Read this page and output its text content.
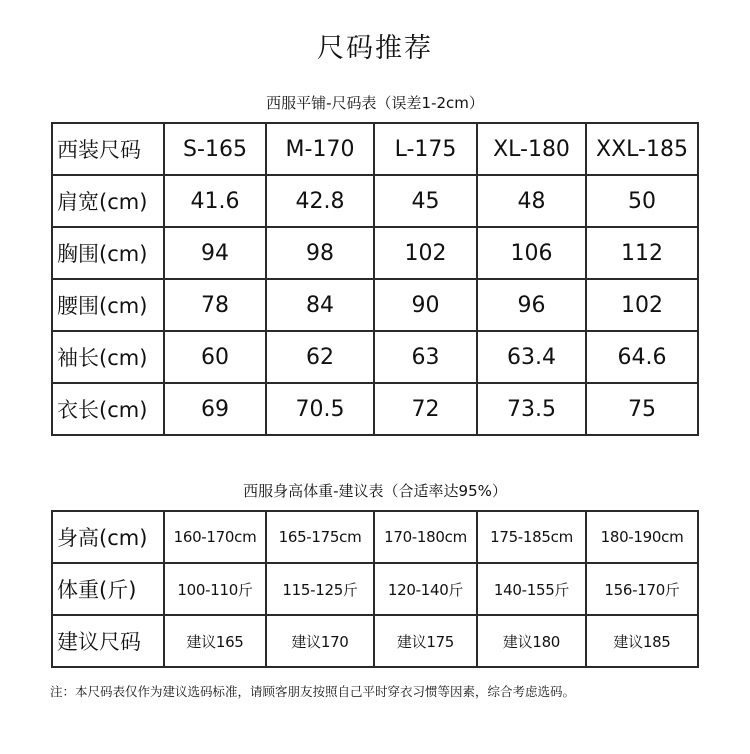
尺码推荐
西服平铺-尺码表（误差1-2cm）
西装尺码	S-165	M-170	L-175	XL-180	XXL-185
肩宽(cm)	41.6	42.8	45	48	50
胸围(cm)	94	98	102	106	112
腰围(cm)	78	84	90	96	102
袖长(cm)	60	62	63	63.4	64.6
衣长(cm)	69	70.5	72	73.5	75
西服身高体重-建议表（合适率达95%）
身高(cm)	160-170cm	165-175cm	170-180cm	175-185cm	180-190cm
体重(斤)	100-110斤	115-125斤	120-140斤	140-155斤	156-170斤
建议尺码	建议165	建议170	建议175	建议180	建议185
注：本尺码表仅作为建议选码标准，请顾客朋友按照自己平时穿衣习惯等因素，综合考虑选码。
